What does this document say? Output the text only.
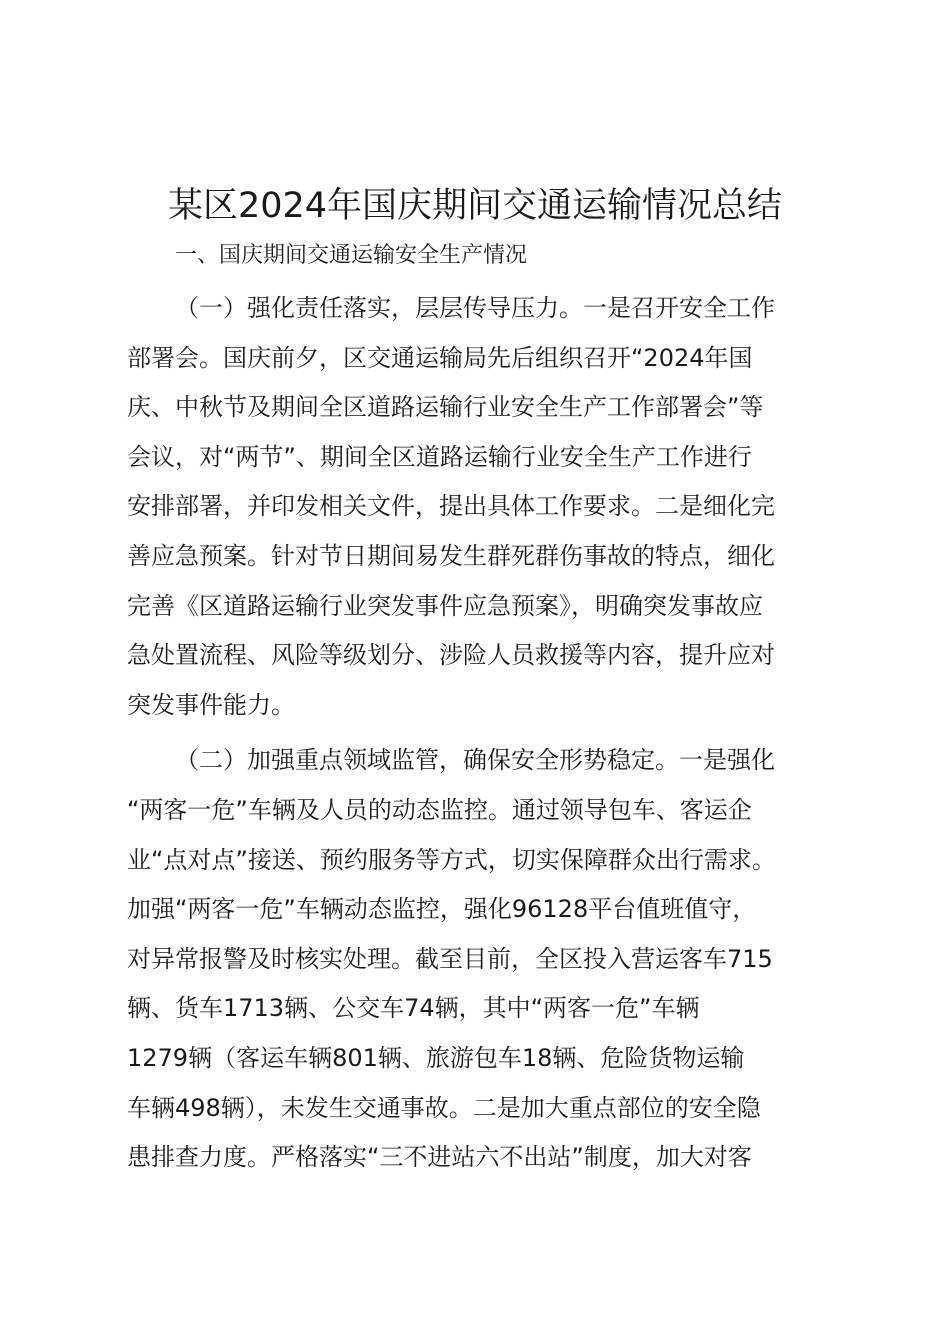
某区2024年国庆期间交通运输情况总结
一、国庆期间交通运输安全生产情况
（一）强化责任落实，层层传导压力。一是召开安全工作
部署会。国庆前夕，区交通运输局先后组织召开“2024年国
庆、中秋节及期间全区道路运输行业安全生产工作部署会”等
会议，对“两节”、期间全区道路运输行业安全生产工作进行
安排部署，并印发相关文件，提出具体工作要求。二是细化完
善应急预案。针对节日期间易发生群死群伤事故的特点，细化
完善《区道路运输行业突发事件应急预案》，明确突发事故应
急处置流程、风险等级划分、涉险人员救援等内容，提升应对
突发事件能力。
（二）加强重点领域监管，确保安全形势稳定。一是强化
“两客一危”车辆及人员的动态监控。通过领导包车、客运企
业“点对点”接送、预约服务等方式，切实保障群众出行需求。
加强“两客一危”车辆动态监控，强化96128平台值班值守，
对异常报警及时核实处理。截至目前，全区投入营运客车715
辆、货车1713辆、公交车74辆，其中“两客一危”车辆
1279辆（客运车辆801辆、旅游包车18辆、危险货物运输
车辆498辆），未发生交通事故。二是加大重点部位的安全隐
患排查力度。严格落实“三不进站六不出站”制度，加大对客
